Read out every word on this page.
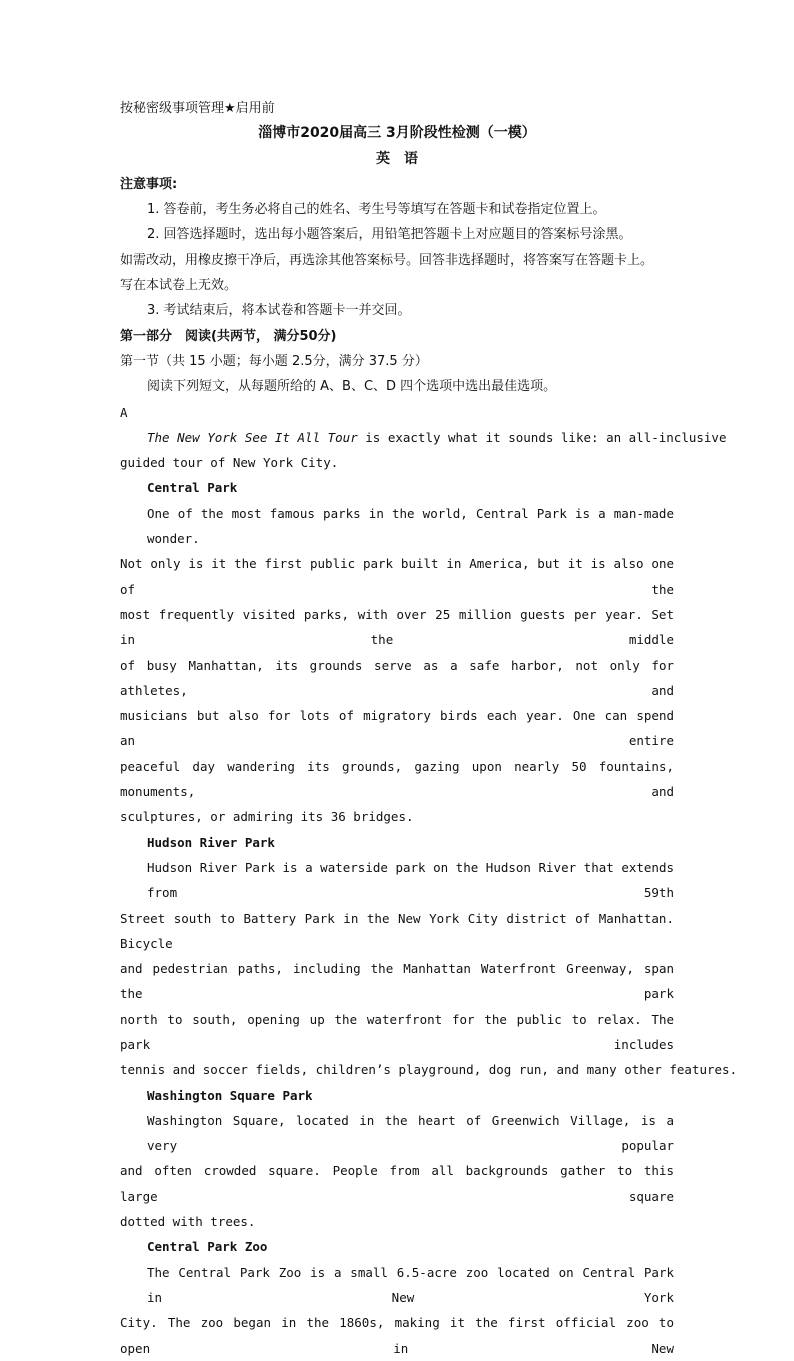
按秘密级事项管理★启用前
淄博市2020届高三 3月阶段性检测（一模）
英语
注意事项:
1. 答卷前，考生务必将自己的姓名、考生号等填写在答题卡和试卷指定位置上。
2. 回答选择题时，选出每小题答案后，用铅笔把答题卡上对应题目的答案标号涂黑。
如需改动，用橡皮擦干净后，再选涂其他答案标号。回答非选择题时，将答案写在答题卡上。
写在本试卷上无效。
3. 考试结束后，将本试卷和答题卡一并交回。
第一部分　阅读(共两节， 满分50分)
第一节（共 15 小题；每小题 2.5分，满分 37.5 分）
阅读下列短文，从每题所给的 A、B、C、D 四个选项中选出最佳选项。
A
The New York See It All Tour is exactly what it sounds like: an all-inclusive
guided tour of New York City.
Central Park
One of the most famous parks in the world, Central Park is a man-made wonder.
Not only is it the first public park built in America, but it is also one of the
most frequently visited parks, with over 25 million guests per year. Set in the middle
of busy Manhattan, its grounds serve as a safe harbor, not only for athletes, and
musicians but also for lots of migratory birds each year. One can spend an entire
peaceful day wandering its grounds, gazing upon nearly 50 fountains, monuments, and
sculptures, or admiring its 36 bridges.
Hudson River Park
Hudson River Park is a waterside park on the Hudson River that extends from 59th
Street south to Battery Park in the New York City district of Manhattan. Bicycle
and pedestrian paths, including the Manhattan Waterfront Greenway, span the park
north to south, opening up the waterfront for the public to relax. The park includes
tennis and soccer fields, children’s playground, dog run, and many other features.
Washington Square Park
Washington Square, located in the heart of Greenwich Village, is a very popular
and often crowded square. People from all backgrounds gather to this large square
dotted with trees.
Central Park Zoo
The Central Park Zoo is a small 6.5-acre zoo located on Central Park in New York
City. The zoo began in the 1860s, making it the first official zoo to open in New
